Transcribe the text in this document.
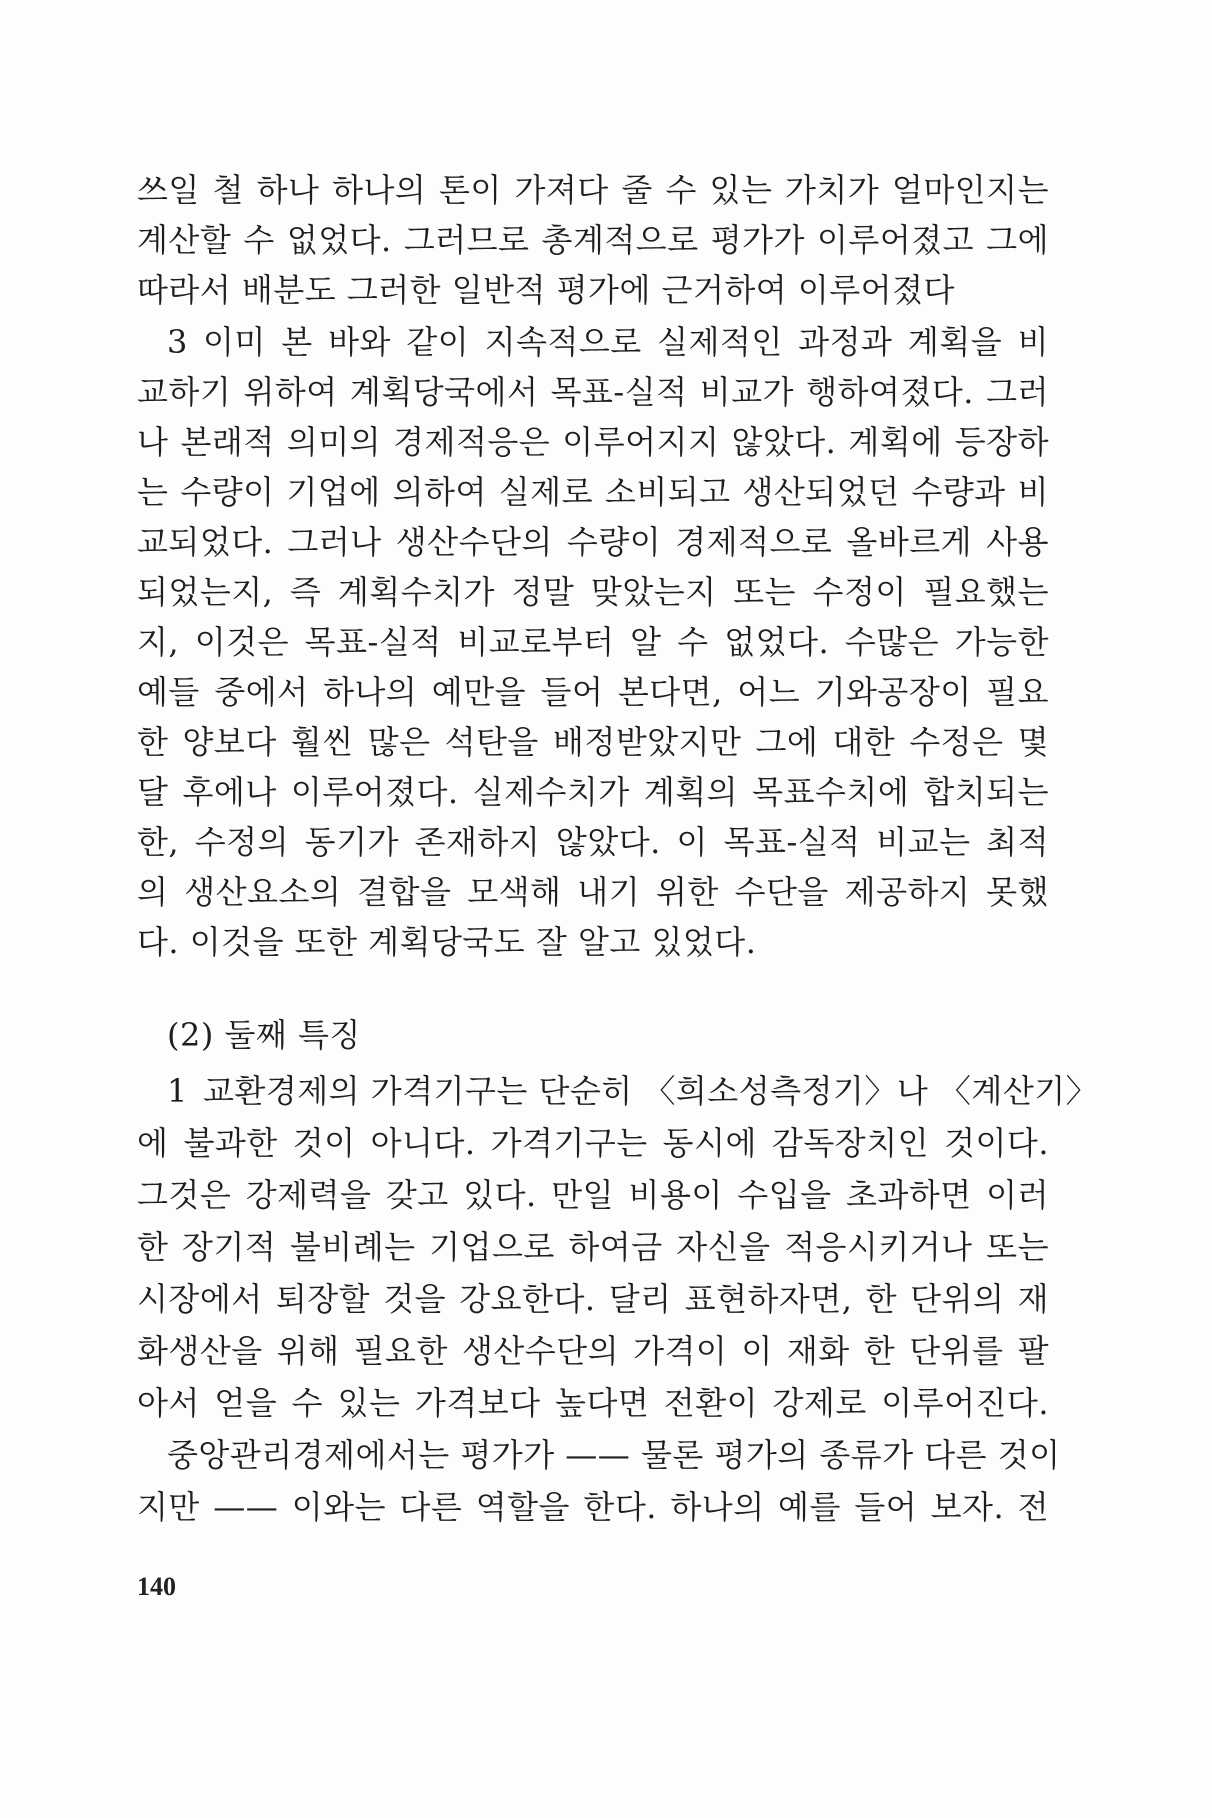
쓰일 철 하나 하나의 톤이 가져다 줄 수 있는 가치가 얼마인지는
계산할 수 없었다. 그러므로 총계적으로 평가가 이루어졌고 그에
따라서 배분도 그러한 일반적 평가에 근거하여 이루어졌다
3 이미 본 바와 같이 지속적으로 실제적인 과정과 계획을 비
교하기 위하여 계획당국에서 목표-실적 비교가 행하여졌다. 그러
나 본래적 의미의 경제적응은 이루어지지 않았다. 계획에 등장하
는 수량이 기업에 의하여 실제로 소비되고 생산되었던 수량과 비
교되었다. 그러나 생산수단의 수량이 경제적으로 올바르게 사용
되었는지, 즉 계획수치가 정말 맞았는지 또는 수정이 필요했는
지, 이것은 목표-실적 비교로부터 알 수 없었다. 수많은 가능한
예들 중에서 하나의 예만을 들어 본다면, 어느 기와공장이 필요
한 양보다 훨씬 많은 석탄을 배정받았지만 그에 대한 수정은 몇
달 후에나 이루어졌다. 실제수치가 계획의 목표수치에 합치되는
한, 수정의 동기가 존재하지 않았다. 이 목표-실적 비교는 최적
의 생산요소의 결합을 모색해 내기 위한 수단을 제공하지 못했
다. 이것을 또한 계획당국도 잘 알고 있었다.
(2) 둘째 특징
1 교환경제의 가격기구는 단순히 〈희소성측정기〉나 〈계산기〉
에 불과한 것이 아니다. 가격기구는 동시에 감독장치인 것이다.
그것은 강제력을 갖고 있다. 만일 비용이 수입을 초과하면 이러
한 장기적 불비례는 기업으로 하여금 자신을 적응시키거나 또는
시장에서 퇴장할 것을 강요한다. 달리 표현하자면, 한 단위의 재
화생산을 위해 필요한 생산수단의 가격이 이 재화 한 단위를 팔
아서 얻을 수 있는 가격보다 높다면 전환이 강제로 이루어진다.
중앙관리경제에서는 평가가 —— 물론 평가의 종류가 다른 것이
지만 —— 이와는 다른 역할을 한다. 하나의 예를 들어 보자. 전
140
